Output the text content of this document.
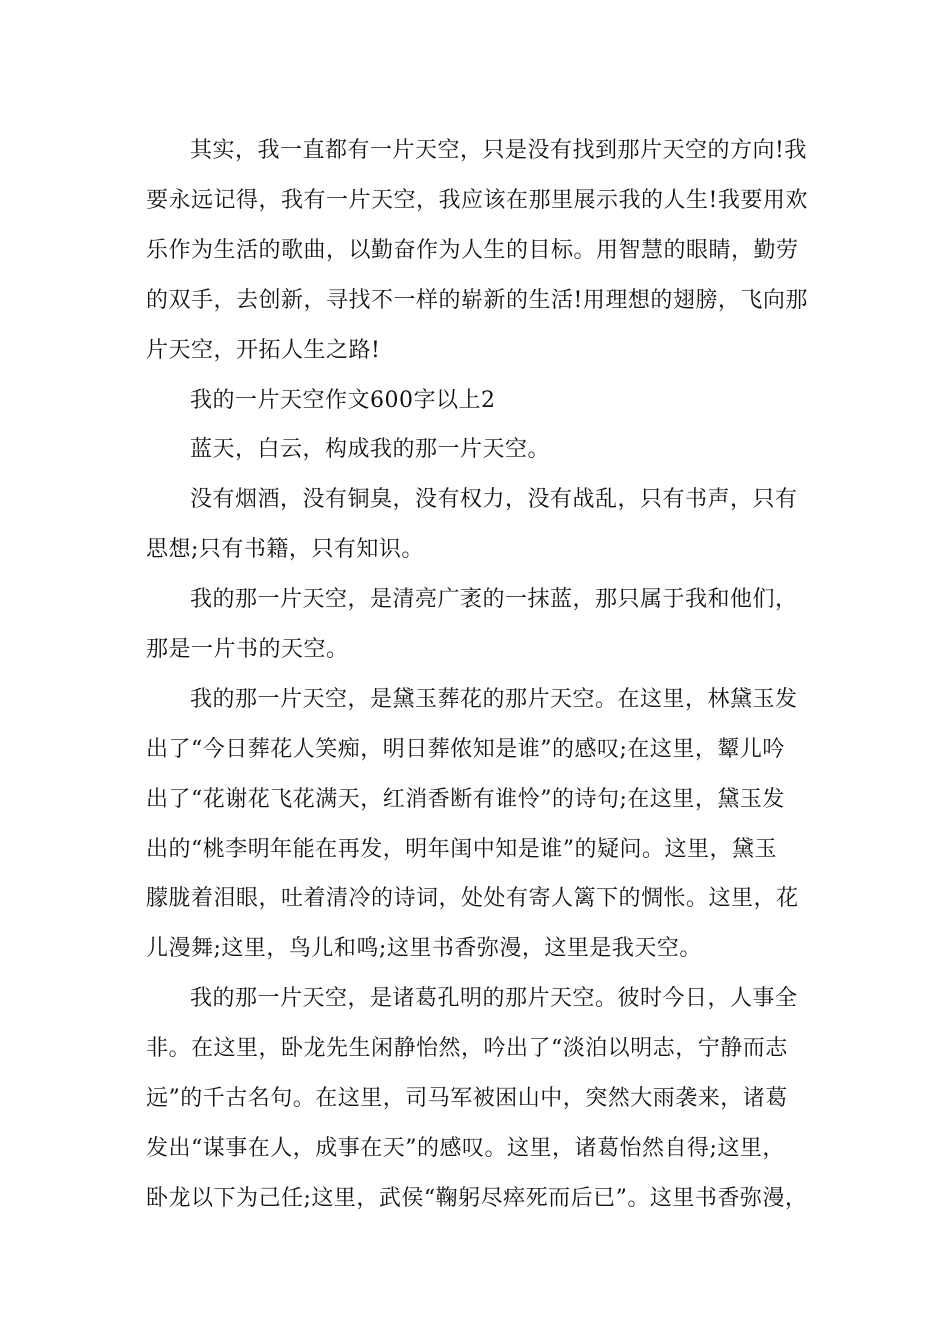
其实，我一直都有一片天空，只是没有找到那片天空的方向!我
要永远记得，我有一片天空，我应该在那里展示我的人生!我要用欢
乐作为生活的歌曲，以勤奋作为人生的目标。用智慧的眼睛，勤劳
的双手，去创新，寻找不一样的崭新的生活!用理想的翅膀，飞向那
片天空，开拓人生之路!
我的一片天空作文600字以上2
蓝天，白云，构成我的那一片天空。
没有烟酒，没有铜臭，没有权力，没有战乱，只有书声，只有
思想;只有书籍，只有知识。
我的那一片天空，是清亮广袤的一抹蓝，那只属于我和他们，
那是一片书的天空。
我的那一片天空，是黛玉葬花的那片天空。在这里，林黛玉发
出了“今日葬花人笑痴，明日葬侬知是谁”的感叹;在这里，颦儿吟
出了“花谢花飞花满天，红消香断有谁怜”的诗句;在这里，黛玉发
出的“桃李明年能在再发，明年闺中知是谁”的疑问。这里，黛玉
朦胧着泪眼，吐着清冷的诗词，处处有寄人篱下的惆怅。这里，花
儿漫舞;这里，鸟儿和鸣;这里书香弥漫，这里是我天空。
我的那一片天空，是诸葛孔明的那片天空。彼时今日，人事全
非。在这里，卧龙先生闲静怡然，吟出了“淡泊以明志，宁静而志
远”的千古名句。在这里，司马军被困山中，突然大雨袭来，诸葛
发出“谋事在人，成事在天”的感叹。这里，诸葛怡然自得;这里，
卧龙以下为己任;这里，武侯“鞠躬尽瘁死而后已”。这里书香弥漫，
